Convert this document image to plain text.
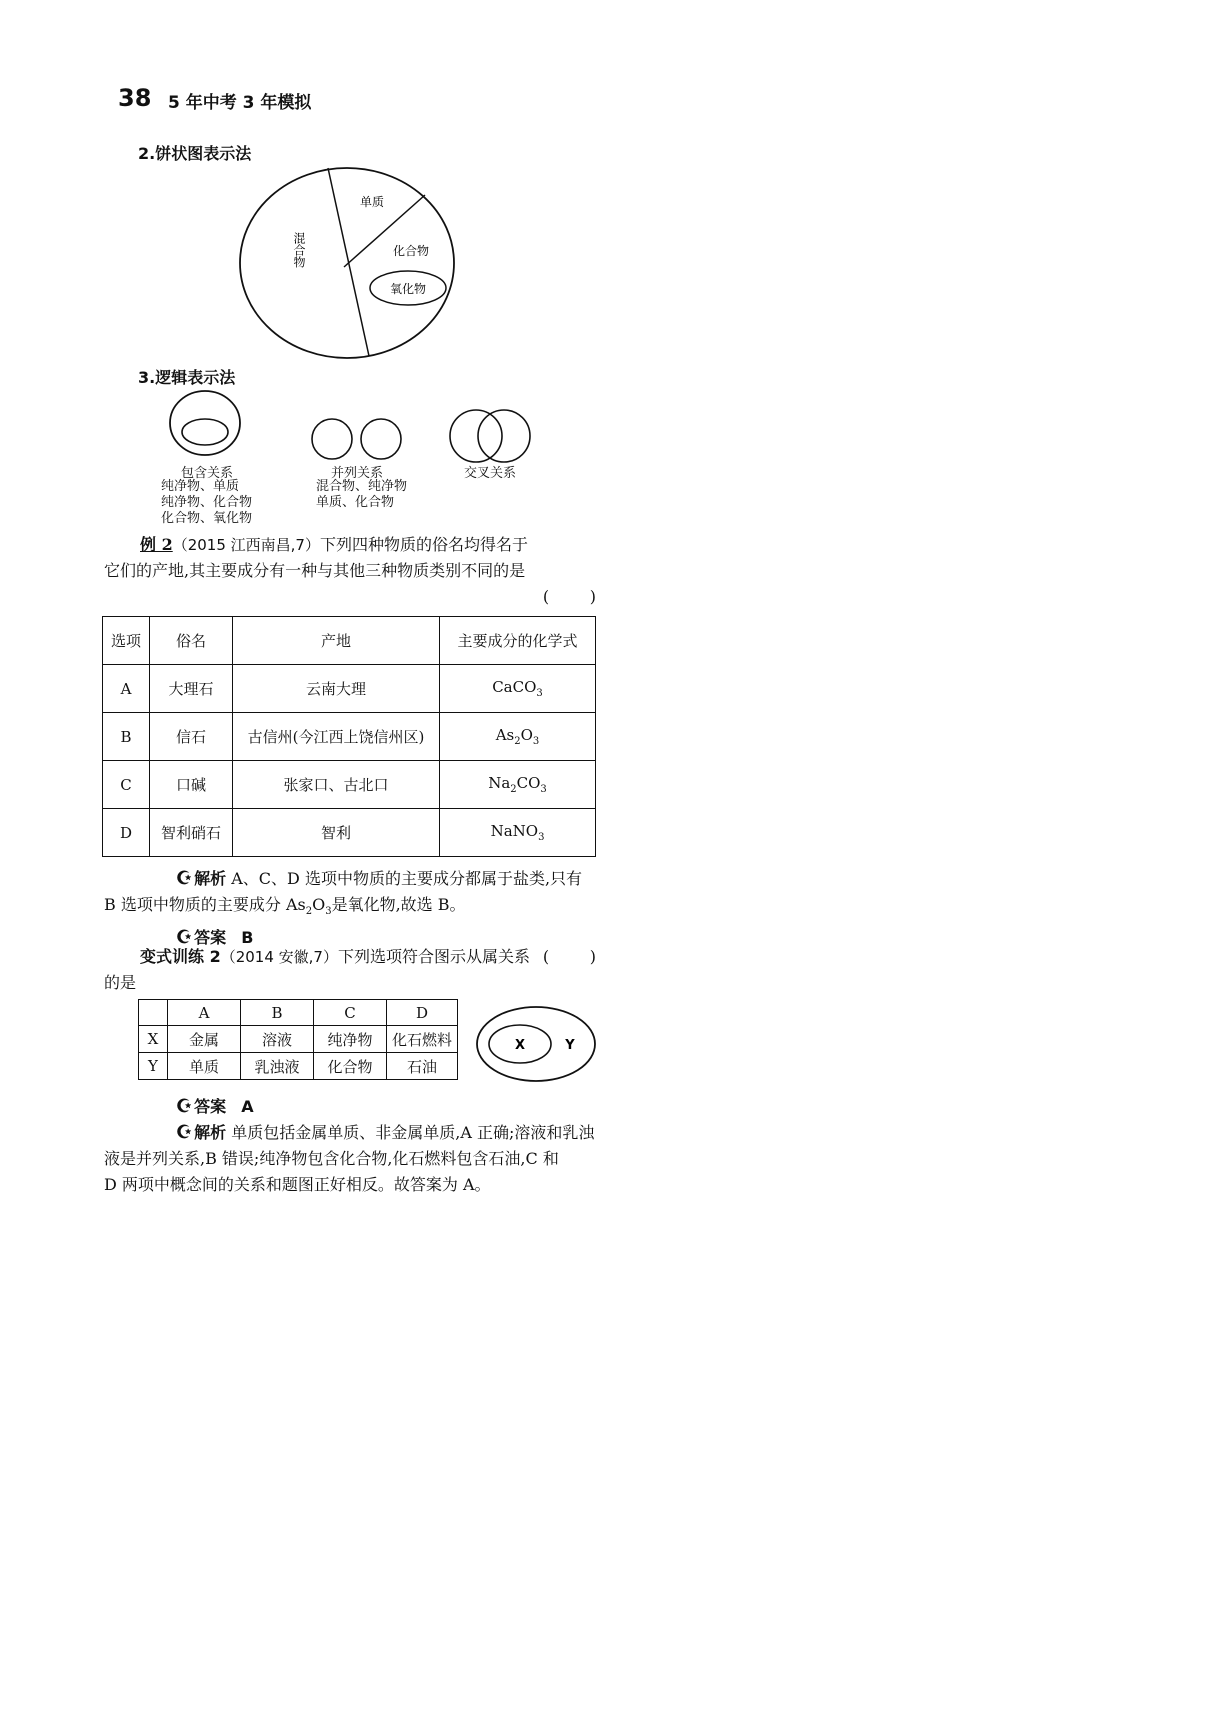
38 5 年中考 3 年模拟
2.饼状图表示法
单质
化合物
氧化物
混合物
3.逻辑表示法
包含关系
纯净物、单质
纯净物、化合物
化合物、氧化物
并列关系
混合物、纯净物
单质、化合物
交叉关系
例 2（2015 江西南昌,7）下列四种物质的俗名均得名于
它们的产地,其主要成分有一种与其他三种物质类别不同的是
(        )
选项	俗名	产地	主要成分的化学式
A	大理石	云南大理	CaCO$_3$
B	信石	古信州(今江西上饶信州区)	$As_2O_3$
C	口碱	张家口、古北口	$Na_2CO_3$
D	智利硝石	智利	NaNO$_3$
☪ 解析 A、C、D 选项中物质的主要成分都属于盐类,只有
B 选项中物质的主要成分 $As_2O_3$是氧化物,故选 B。
☪ 答案 B
变式训练 2（2014 安徽,7）下列选项符合图示从属关系
的是
(        )
	A	B	C	D
X	金属	溶液	纯净物	化石燃料
Y	单质	乳浊液	化合物	石油
X	Y
☪ 答案 A
☪ 解析 单质包括金属单质、非金属单质,A 正确;溶液和乳浊
液是并列关系,B 错误;纯净物包含化合物,化石燃料包含石油,C 和
D 两项中概念间的关系和题图正好相反。故答案为 A。
